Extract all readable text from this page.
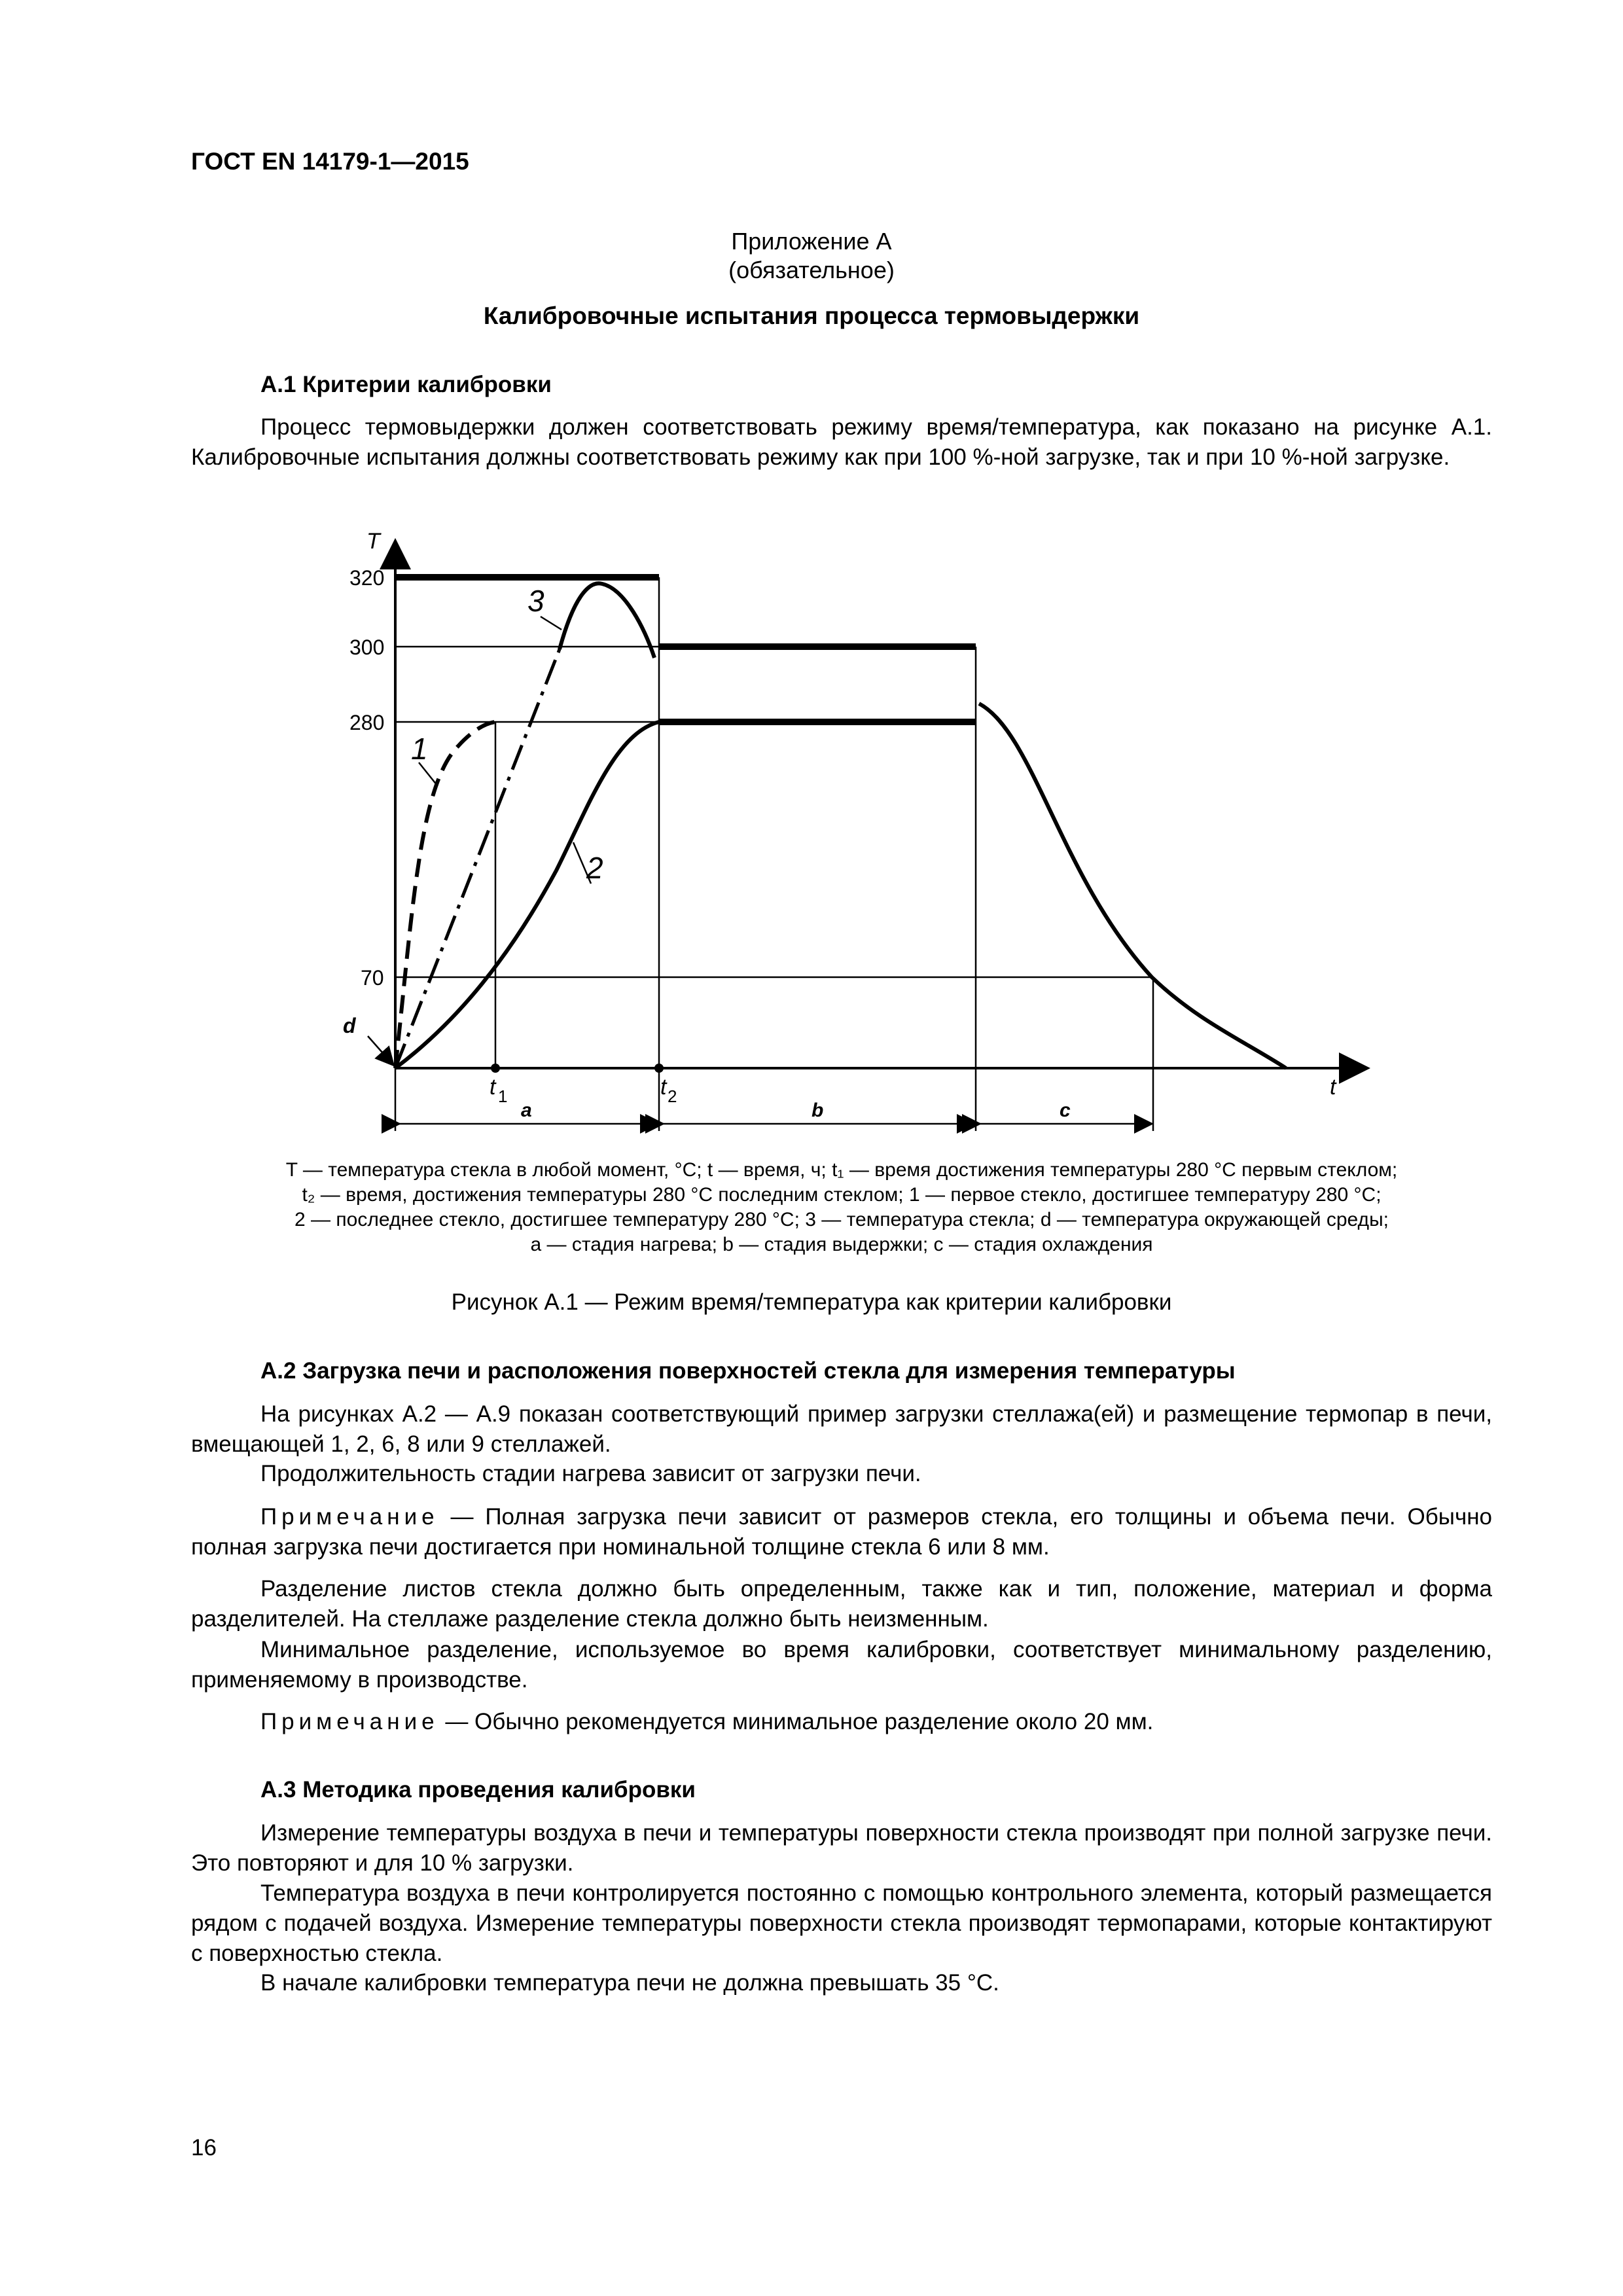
ГОСТ EN 14179-1—2015
Приложение А
(обязательное)
Калибровочные испытания процесса термовыдержки
А.1 Критерии калибровки
Процесс термовыдержки должен соответствовать режиму время/температура, как показано на рисунке А.1. Калибровочные испытания должны соответствовать режиму как при 100 %-ной загрузке, так и при 10 %-ной загрузке.
T
t
320
300
280
70
1
2
3
d
t 1	t 2
a	b	c
T — температура стекла в любой момент, °С; t — время, ч; t₁ — время достижения температуры 280 °С первым стеклом;
t₂ — время, достижения температуры 280 °С последним стеклом; 1 — первое стекло, достигшее температуру 280 °С;
2 — последнее стекло, достигшее температуру 280 °С; 3 — температура стекла; d — температура окружающей среды;
а — стадия нагрева; b — стадия выдержки; с — стадия охлаждения
Рисунок А.1 — Режим время/температура как критерии калибровки
А.2 Загрузка печи и расположения поверхностей стекла для измерения температуры
На рисунках А.2 — А.9 показан соответствующий пример загрузки стеллажа(ей) и размещение термопар в печи, вмещающей 1, 2, 6, 8 или 9 стеллажей.
Продолжительность стадии нагрева зависит от загрузки печи.
Примечание — Полная загрузка печи зависит от размеров стекла, его толщины и объема печи. Обычно полная загрузка печи достигается при номинальной толщине стекла 6 или 8 мм.
Разделение листов стекла должно быть определенным, также как и тип, положение, материал и форма разделителей. На стеллаже разделение стекла должно быть неизменным.
Минимальное разделение, используемое во время калибровки, соответствует минимальному разделению, применяемому в производстве.
Примечание — Обычно рекомендуется минимальное разделение около 20 мм.
А.3 Методика проведения калибровки
Измерение температуры воздуха в печи и температуры поверхности стекла производят при полной загрузке печи. Это повторяют и для 10 % загрузки.
Температура воздуха в печи контролируется постоянно с помощью контрольного элемента, который размещается рядом с подачей воздуха. Измерение температуры поверхности стекла производят термопарами, которые контактируют с поверхностью стекла.
В начале калибровки температура печи не должна превышать 35 °С.
16
